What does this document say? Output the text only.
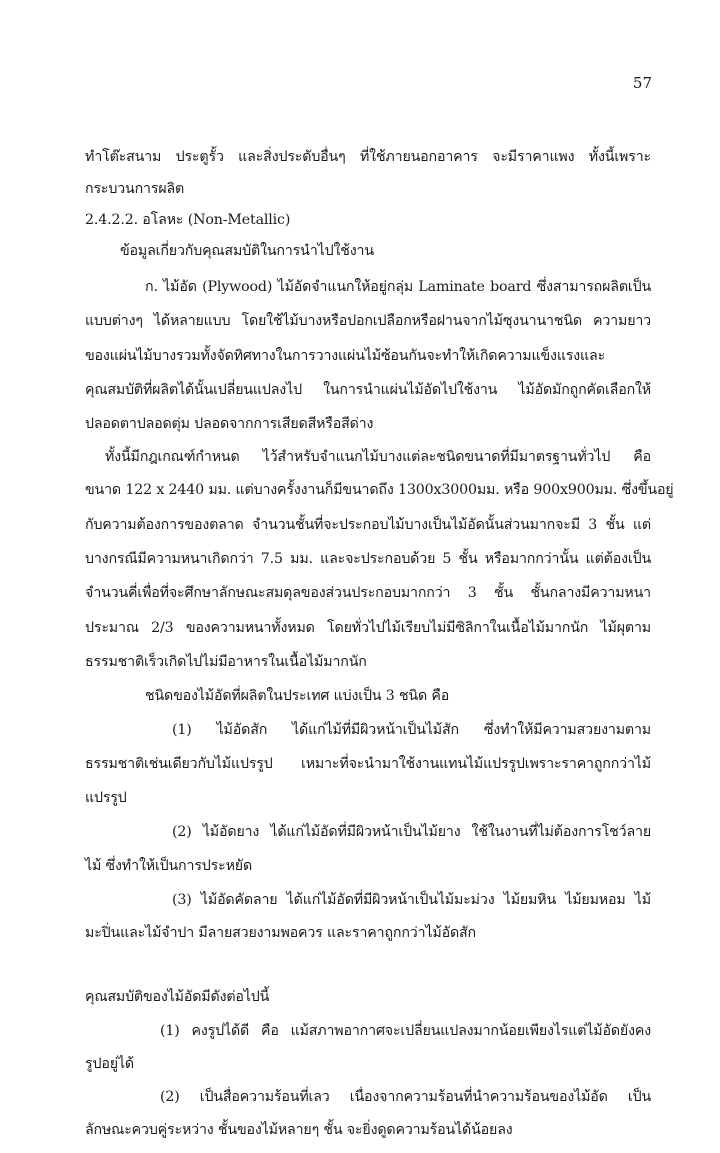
57
ทำโต๊ะสนาม ประตูรั้ว และสิ่งประดับอื่นๆ ที่ใช้ภายนอกอาคาร จะมีราคาแพง ทั้งนี้เพราะ
กระบวนการผลิต
2.4.2.2. อโลหะ (Non-Metallic)
ข้อมูลเกี่ยวกับคุณสมบัติในการนำไปใช้งาน
ก. ไม้อัด (Plywood) ไม้อัดจำแนกให้อยู่กลุ่ม Laminate board ซึ่งสามารถผลิตเป็น
แบบต่างๆ ได้หลายแบบ โดยใช้ไม้บางหรือปอกเปลือกหรือฝานจากไม้ซุงนานาชนิด ความยาว
ของแผ่นไม้บางรวมทั้งจัดทิศทางในการวางแผ่นไม้ซ้อนกันจะทำให้เกิดความแข็งแรงและ
คุณสมบัติที่ผลิตได้นั้นเปลี่ยนแปลงไป ในการนำแผ่นไม้อัดไปใช้งาน ไม้อัดมักถูกคัดเลือกให้
ปลอดตาปลอดตุ่ม ปลอดจากการเสียดสีหรือสีด่าง
ทั้งนี้มีกฎเกณฑ์กำหนด ไว้สำหรับจำแนกไม้บางแต่ละชนิดขนาดที่มีมาตรฐานทั่วไป คือ
ขนาด 122 x 2440 มม. แต่บางครั้งงานก็มีขนาดถึง 1300x3000มม. หรือ 900x900มม. ซึ่งขึ้นอยู่
กับความต้องการของตลาด จำนวนชั้นที่จะประกอบไม้บางเป็นไม้อัดนั้นส่วนมากจะมี 3 ชั้น แต่
บางกรณีมีความหนาเกิดกว่า 7.5 มม. และจะประกอบด้วย 5 ชั้น หรือมากกว่านั้น แต่ต้องเป็น
จำนวนคี่เพื่อที่จะศึกษาลักษณะสมดุลของส่วนประกอบมากกว่า 3 ชั้น ชั้นกลางมีความหนา
ประมาณ 2/3 ของความหนาทั้งหมด โดยทั่วไปไม้เรียบไม่มีซิลิกาในเนื้อไม้มากนัก ไม้ผุตาม
ธรรมชาติเร็วเกิดไปไม่มีอาหารในเนื้อไม้มากนัก
ชนิดของไม้อัดที่ผลิตในประเทศ แบ่งเป็น 3 ชนิด คือ
(1) ไม้อัดสัก ได้แก่ไม้ที่มีผิวหน้าเป็นไม้สัก ซึ่งทำให้มีความสวยงามตาม
ธรรมชาติเช่นเดียวกับไม้แปรรูป เหมาะที่จะนำมาใช้งานแทนไม้แปรรูปเพราะราคาถูกกว่าไม้
แปรรูป
(2) ไม้อัดยาง ได้แก่ไม้อัดที่มีผิวหน้าเป็นไม้ยาง ใช้ในงานที่ไม่ต้องการโชว์ลาย
ไม้ ซึ่งทำให้เป็นการประหยัด
(3) ไม้อัดคัดลาย ได้แก่ไม้อัดที่มีผิวหน้าเป็นไม้มะม่วง ไม้ยมหิน ไม้ยมหอม ไม้
มะปิ่นและไม้จำปา มีลายสวยงามพอควร และราคาถูกกว่าไม้อัดสัก
คุณสมบัติของไม้อัดมีดังต่อไปนี้
(1) คงรูปได้ดี คือ แม้สภาพอากาศจะเปลี่ยนแปลงมากน้อยเพียงไรแต่ไม้อัดยังคง
รูปอยู่ได้
(2) เป็นสื่อความร้อนที่เลว เนื่องจากความร้อนที่นำความร้อนของไม้อัด เป็น
ลักษณะควบคู่ระหว่าง ชั้นของไม้หลายๆ ชั้น จะยิ่งดูดความร้อนได้น้อยลง
